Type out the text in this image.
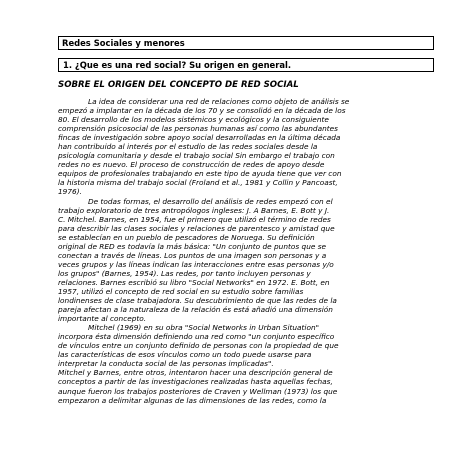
Redes Sociales y menores
1. ¿Que es una red social? Su origen en general.
SOBRE EL ORIGEN DEL CONCEPTO DE RED SOCIAL
La idea de considerar una red de relaciones como objeto de análisis se
empezó a implantar en la década de los 70 y se consolidó en la década de los
80. El desarrollo de los modelos sistémicos y ecológicos y la consiguiente
comprensión psicosocial de las personas humanas así como las abundantes
fincas de investigación sobre apoyo social desarrolladas en la última década
han contribuido al interés por el estudio de las redes sociales desde la
psicología comunitaria y desde el trabajo social Sin embargo el trabajo con
redes no es nuevo. El proceso de construcción de redes de apoyo desde
equipos de profesionales trabajando en este tipo de ayuda tiene que ver con
la historia misma del trabajo social (Froland et al., 1981 y Collin y Pancoast,
1976).
De todas formas, el desarrollo del análisis de redes empezó con el
trabajo exploratorio de tres antropólogos ingleses: J. A Barnes, E. Bott y J.
C. Mitchel. Barnes, en 1954, fue el primero que utilizó el término de redes
para describir las clases sociales y relaciones de parentesco y amistad que
se establecían en un pueblo de pescadores de Noruega. Su definición
original de RED es todavía la más básica: "Un conjunto de puntos que se
conectan a través de líneas. Los puntos de una imagen son personas y a
veces grupos y las líneas indican las interacciones entre esas personas y/o
los grupos" (Barnes, 1954). Las redes, por tanto incluyen personas y
relaciones. Barnes escribió su libro "Social Networks" en 1972. E. Bott, en
1957, utilizó el concepto de red social en su estudio sobre familias
londinenses de clase trabajadora. Su descubrimiento de que las redes de la
pareja afectan a la naturaleza de la relación és está añadió una dimensión
importante al concepto.
Mitchel (1969) en su obra "Social Networks in Urban Situation"
incorpora ésta dimensión definiendo una red como "un conjunto específico
de vínculos entre un conjunto definido de personas con la propiedad de que
las características de esos vínculos como un todo puede usarse para
interpretar la conducta social de las personas implicadas".
Mitchel y Barnes, entre otros, intentaron hacer una descripción general de
conceptos a partir de las investigaciones realizadas hasta aquellas fechas,
aunque fueron los trabajos posteriores de Craven y Wellman (1973) los que
empezaron a delimitar algunas de las dimensiones de las redes, como la
